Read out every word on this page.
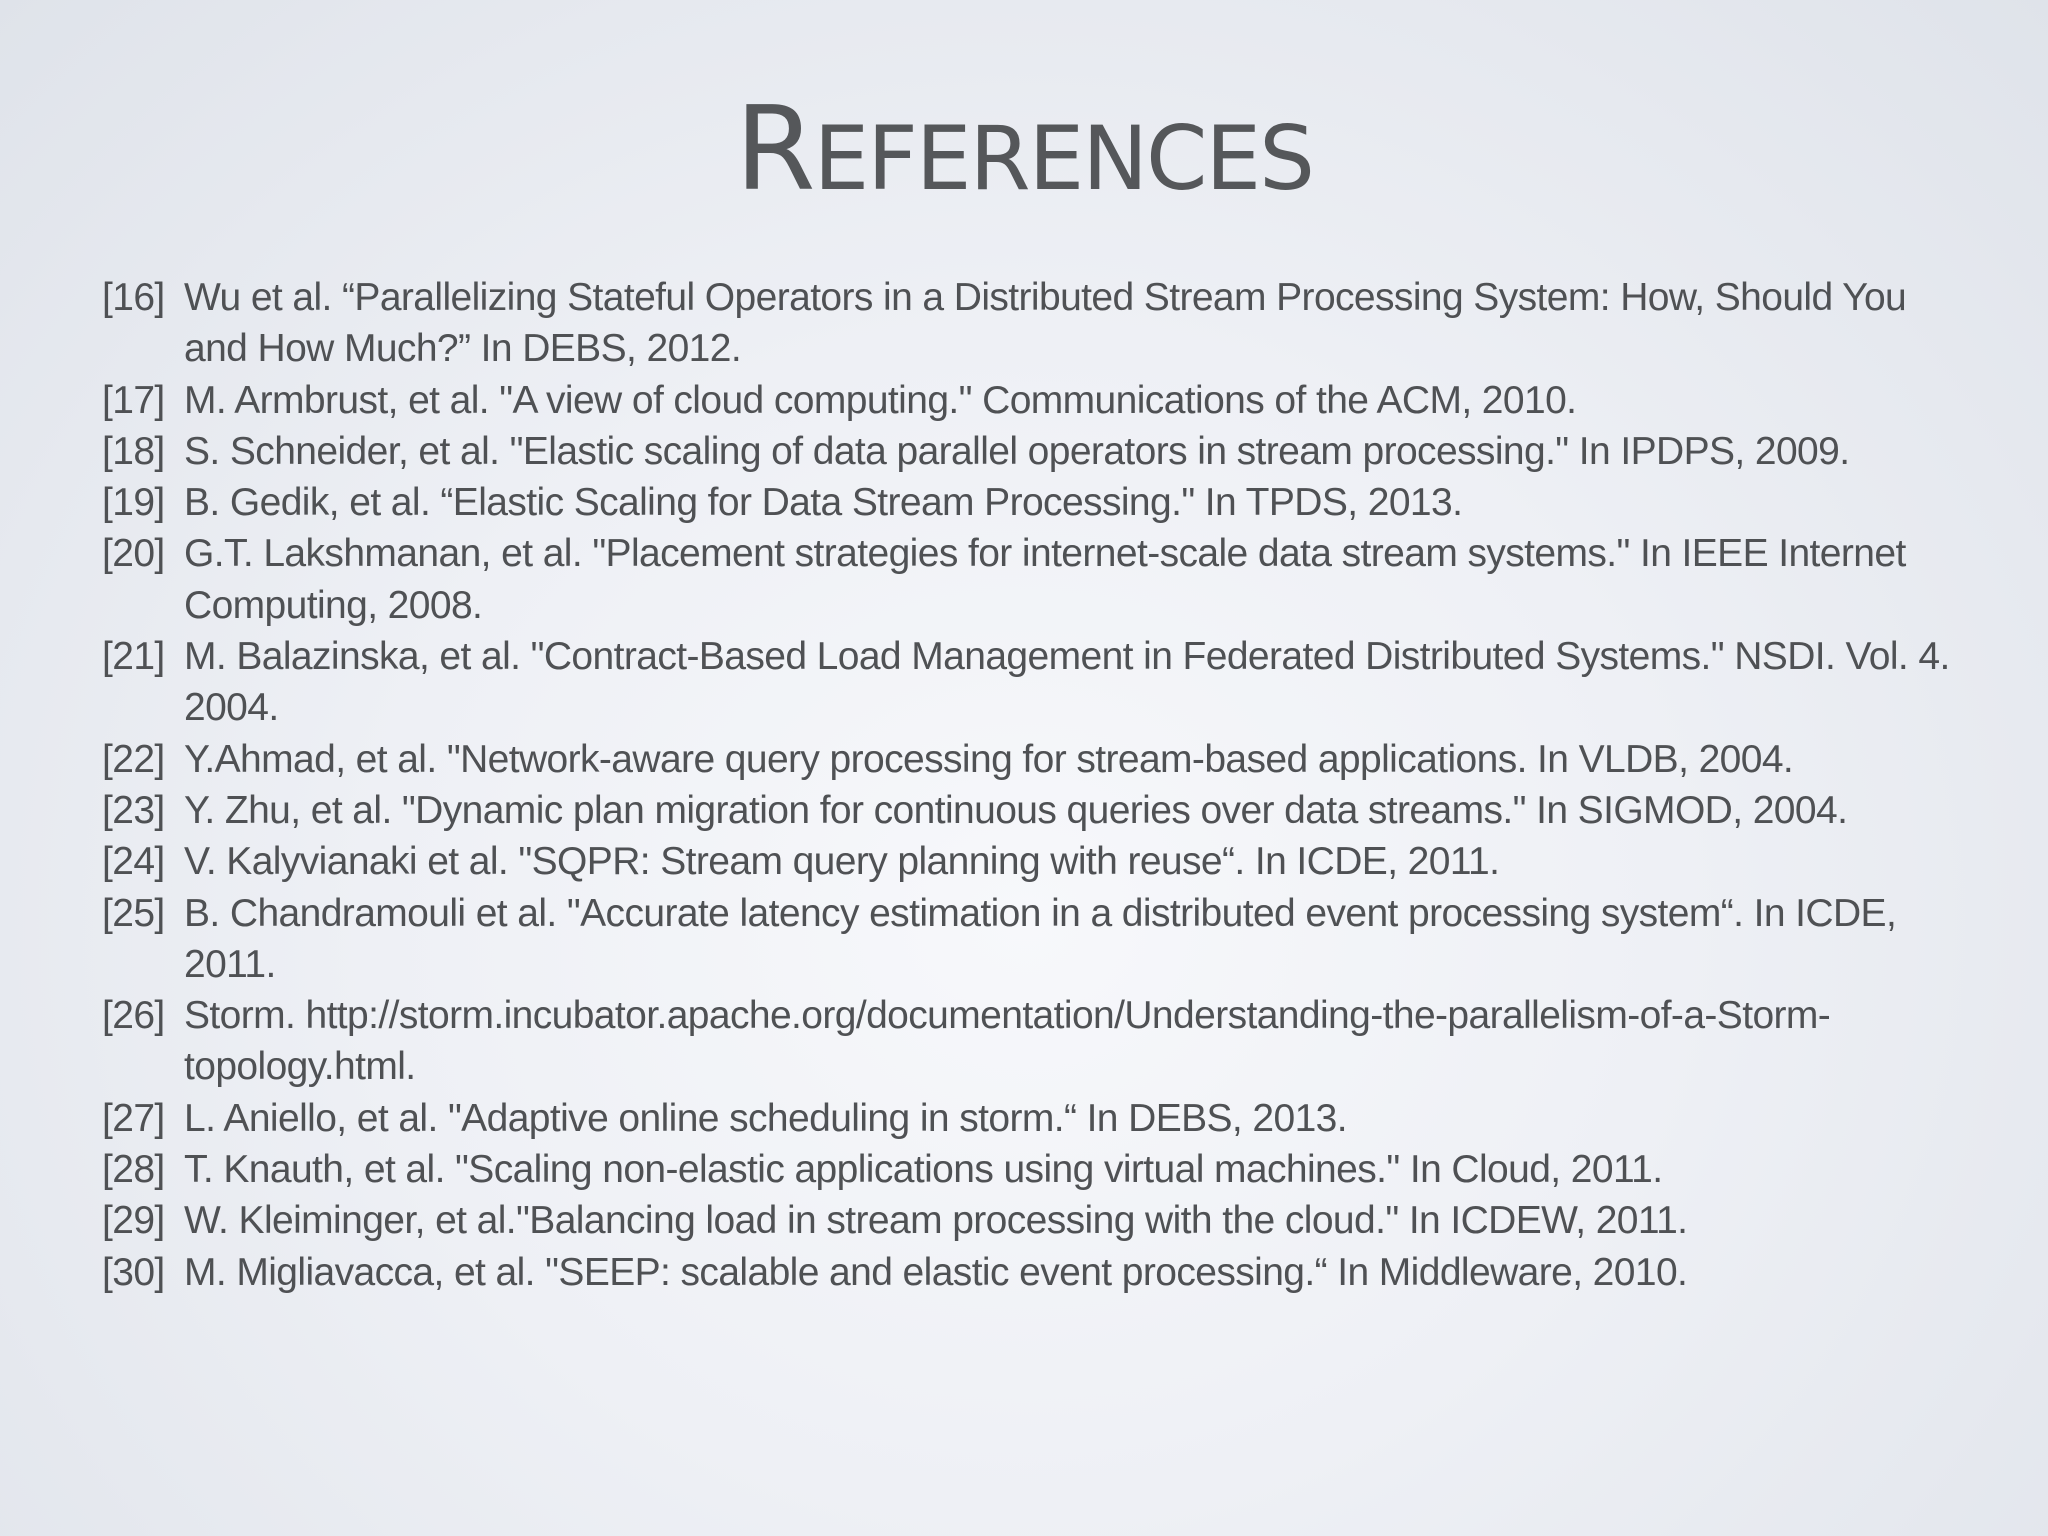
REFERENCES
[16] Wu et al. “Parallelizing Stateful Operators in a Distributed Stream Processing System: How, Should You and How Much?” In DEBS, 2012.
[17] M. Armbrust, et al. "A view of cloud computing." Communications of the ACM, 2010.
[18] S. Schneider, et al. "Elastic scaling of data parallel operators in stream processing." In IPDPS, 2009.
[19] B. Gedik, et al. “Elastic Scaling for Data Stream Processing." In TPDS, 2013.
[20] G.T. Lakshmanan, et al. "Placement strategies for internet-scale data stream systems." In IEEE Internet Computing, 2008.
[21] M. Balazinska, et al. "Contract-Based Load Management in Federated Distributed Systems." NSDI. Vol. 4. 2004.
[22] Y.Ahmad, et al. "Network-aware query processing for stream-based applications. In VLDB, 2004.
[23] Y. Zhu, et al. "Dynamic plan migration for continuous queries over data streams." In SIGMOD, 2004.
[24] V. Kalyvianaki et al. "SQPR: Stream query planning with reuse“. In ICDE, 2011.
[25] B. Chandramouli et al. "Accurate latency estimation in a distributed event processing system“. In ICDE, 2011.
[26] Storm. http://storm.incubator.apache.org/documentation/Understanding-the-parallelism-of-a-Storm-topology.html.
[27] L. Aniello, et al. "Adaptive online scheduling in storm.“ In DEBS, 2013.
[28] T. Knauth, et al. "Scaling non-elastic applications using virtual machines." In Cloud, 2011.
[29] W. Kleiminger, et al."Balancing load in stream processing with the cloud." In ICDEW, 2011.
[30] M. Migliavacca, et al. "SEEP: scalable and elastic event processing.“ In Middleware, 2010.
